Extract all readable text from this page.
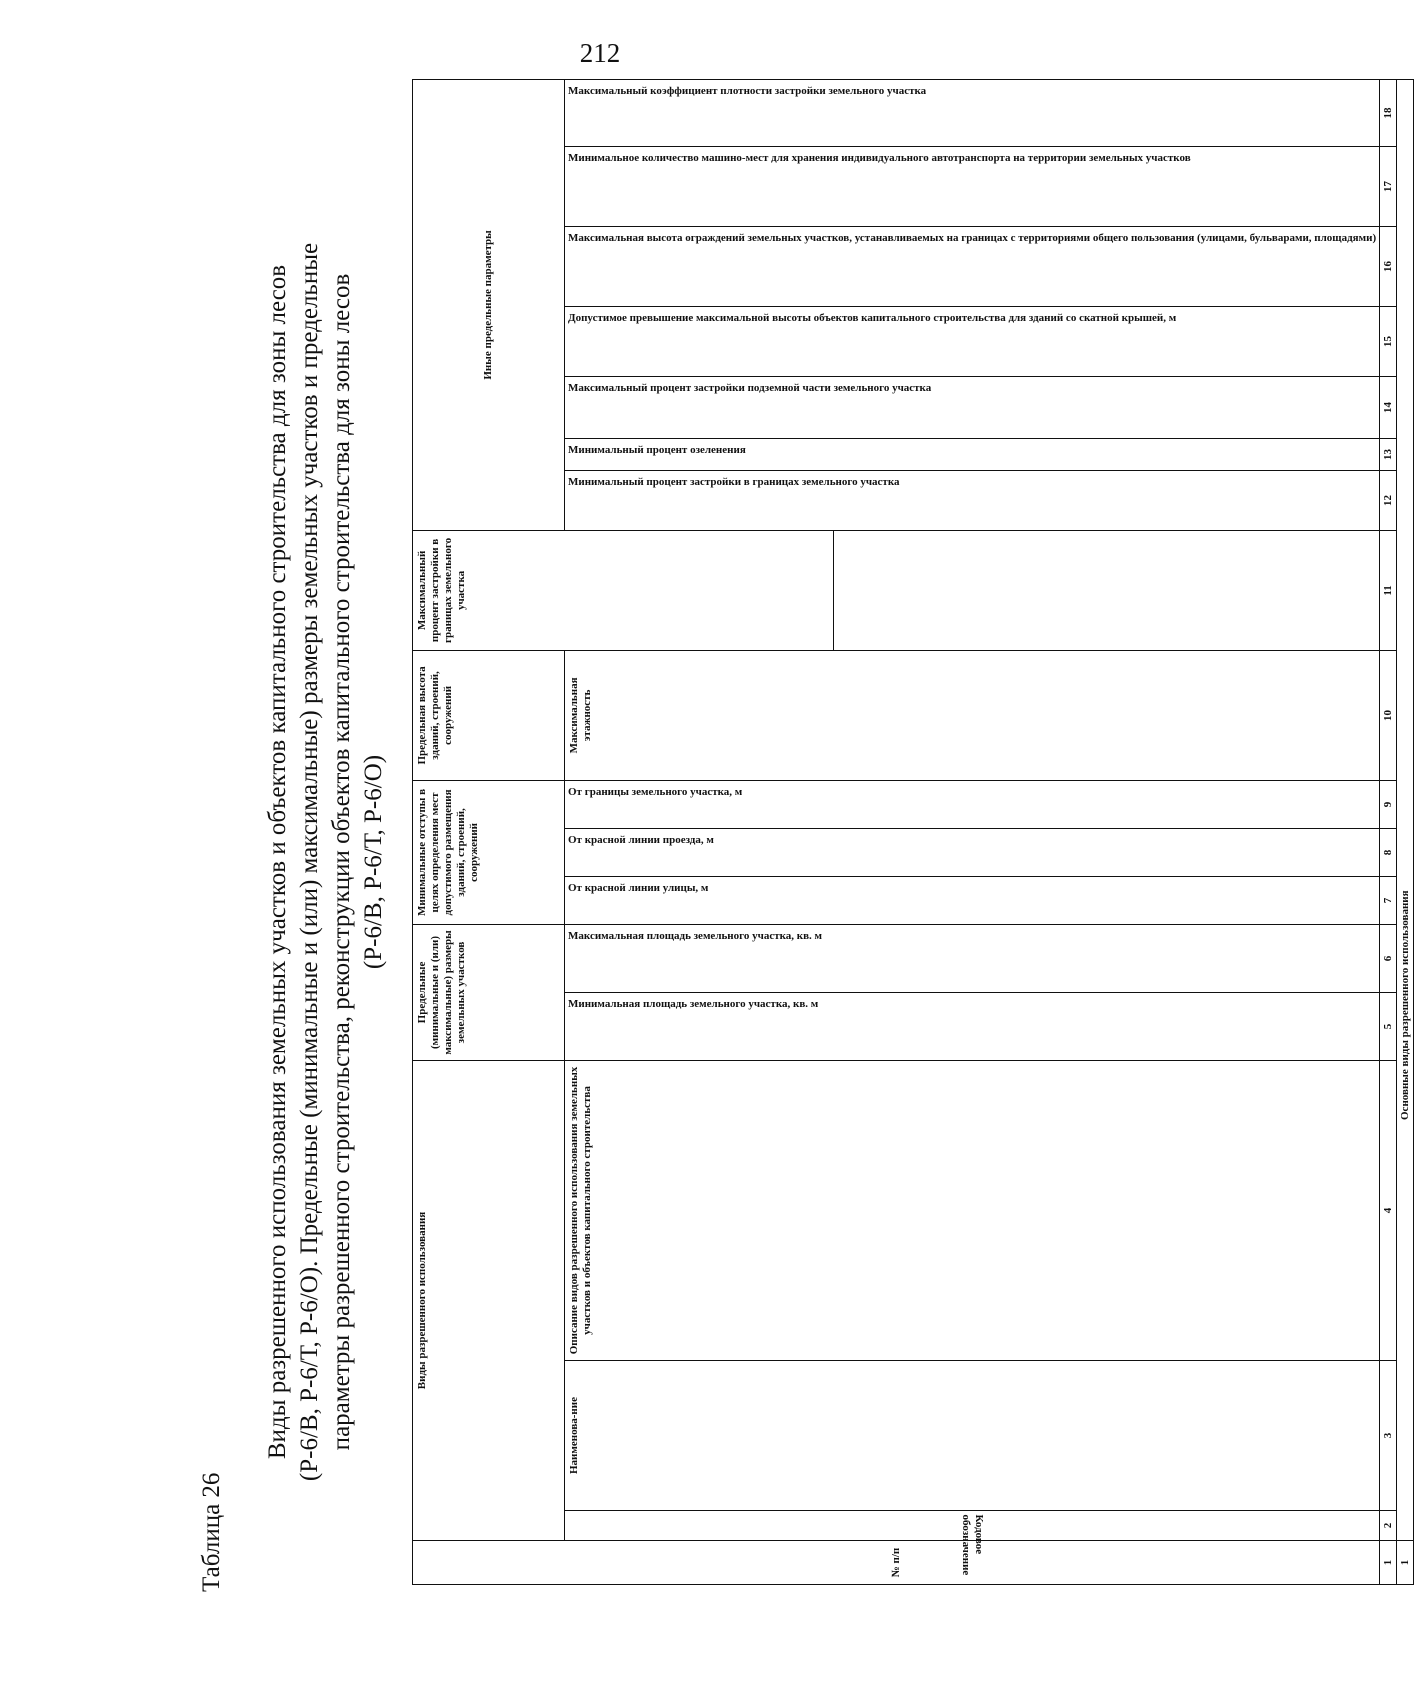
212
Таблица 26
Виды разрешенного использования земельных участков и объектов капитального строительства для зоны лесов
(Р-6/В, Р-6/Т, Р-6/О). Предельные (минимальные и (или) максимальные) размеры земельных участков и предельные
параметры разрешенного строительства, реконструкции объектов капитального строительства для зоны лесов
(Р-6/В, Р-6/Т, Р-6/О)
№ п/п	Виды разрешенного использования			Предельные (минимальные и (или) максимальные) размеры земельных участков		Минимальные отступы в целях определения мест допустимого размещения зданий, строений, сооружений			Предельная высота зданий, строений, сооружений	Максимальный процент застройки в границах земельного участка	Иные предельные параметры						
	Кодовое обозначение	Наименова-ние	Описание видов разрешенного использования земельных участков и объектов капитального строительства	Минимальная площадь земельного участка, кв. м	Максимальная площадь земельного участка, кв. м	От красной линии улицы, м	От красной линии проезда, м	От границы земельного участка, м	Максимальная этажность		Минимальный процент застройки в границах земельного участка	Минимальный процент озеленения	Максимальный процент застройки подземной части земельного участка	Допустимое превышение максимальной высоты объектов капитального строительства для зданий со скатной крышей, м	Максимальная высота ограждений земельных участков, устанавливаемых на границах с территориями общего пользования (улицами, бульварами, площадями)	Минимальное количество машино-мест для хранения индивидуального автотранспорта на территории земельных участков	Максимальный коэффициент плотности застройки земельного участка

1	2	3	4	5	6	7	8	9	10	11	12	13	14	15	16	17	18
1	Основные виды разрешенного использования																
